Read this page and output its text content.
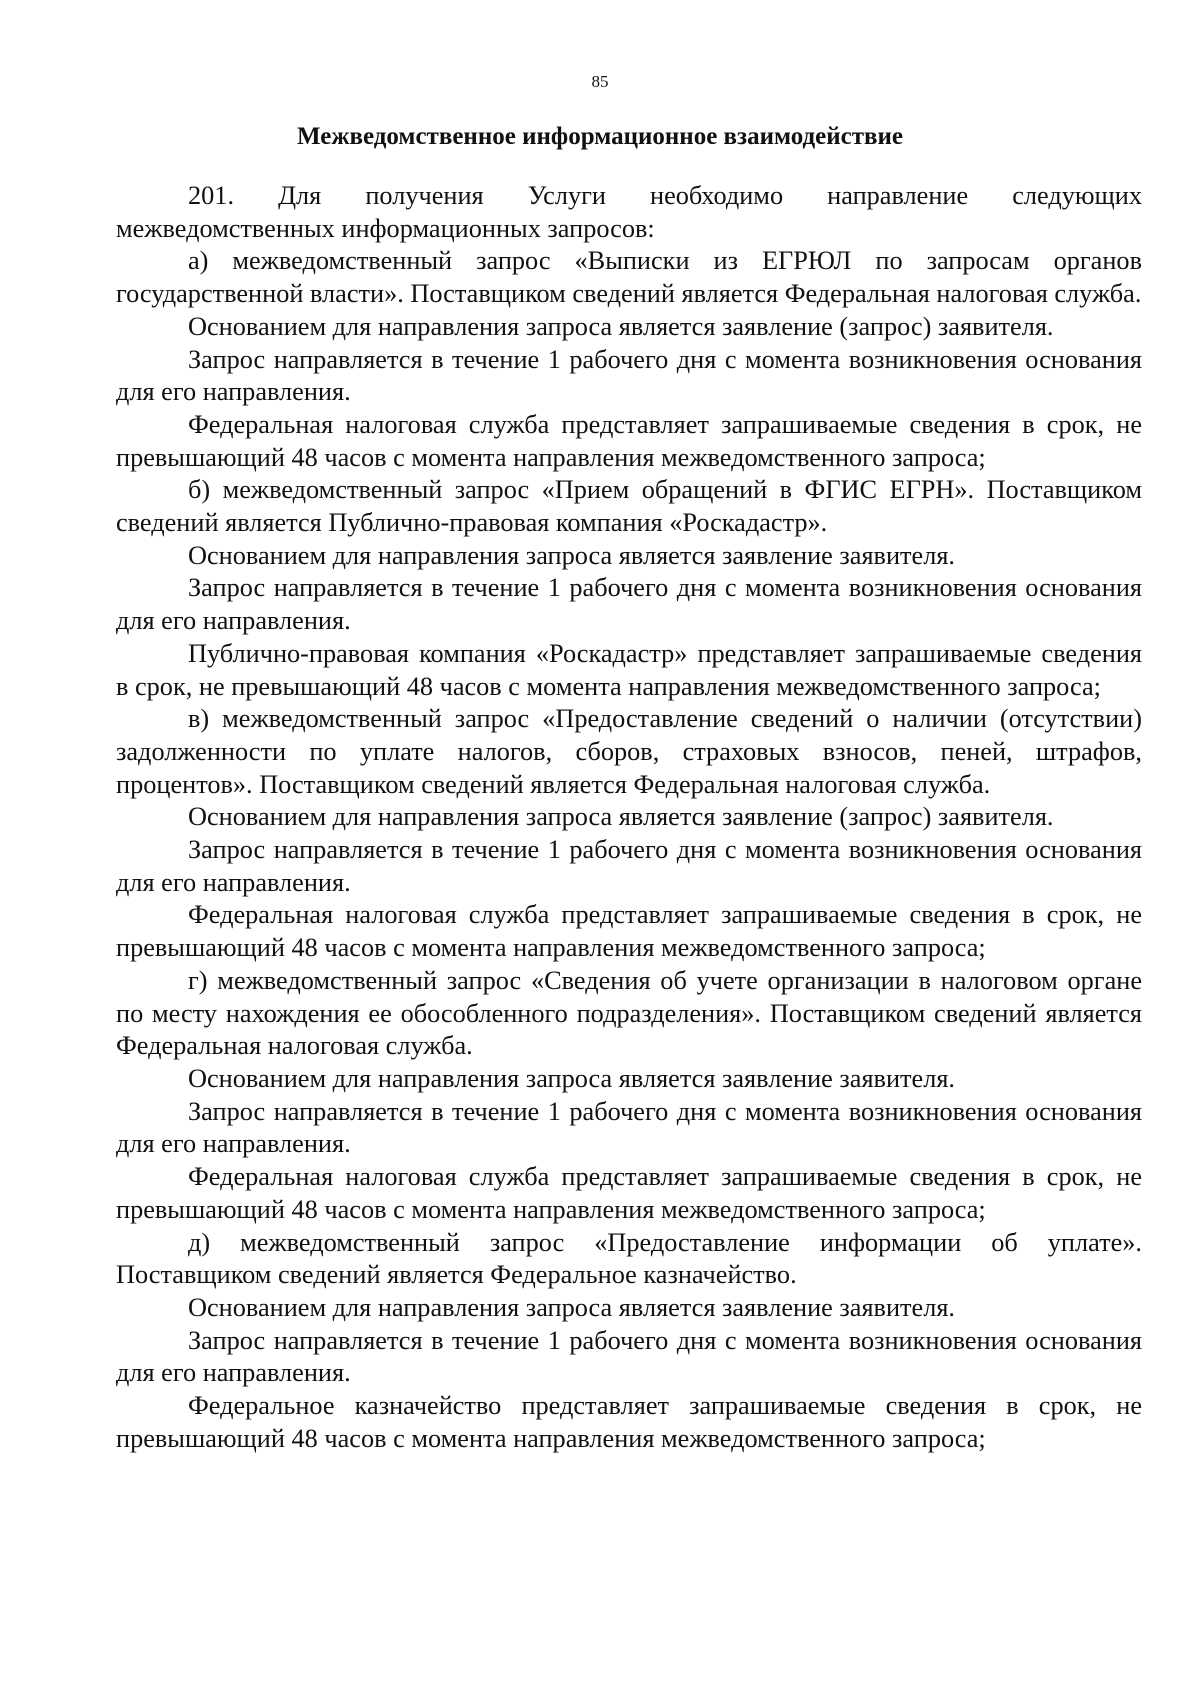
85
Межведомственное информационное взаимодействие

201. Для получения Услуги необходимо направление следующих межведомственных информационных запросов:

а) межведомственный запрос «Выписки из ЕГРЮЛ по запросам органов государственной власти». Поставщиком сведений является Федеральная налоговая служба.

Основанием для направления запроса является заявление (запрос) заявителя.

Запрос направляется в течение 1 рабочего дня с момента возникновения основания для его направления.

Федеральная налоговая служба представляет запрашиваемые сведения в срок, не превышающий 48 часов с момента направления межведомственного запроса;

б) межведомственный запрос «Прием обращений в ФГИС ЕГРН». Поставщиком сведений является Публично-правовая компания «Роскадастр».

Основанием для направления запроса является заявление заявителя.

Запрос направляется в течение 1 рабочего дня с момента возникновения основания для его направления.

Публично-правовая компания «Роскадастр» представляет запрашиваемые сведения в срок, не превышающий 48 часов с момента направления межведомственного запроса;

в) межведомственный запрос «Предоставление сведений о наличии (отсутствии) задолженности по уплате налогов, сборов, страховых взносов, пеней, штрафов, процентов». Поставщиком сведений является Федеральная налоговая служба.

Основанием для направления запроса является заявление (запрос) заявителя.

Запрос направляется в течение 1 рабочего дня с момента возникновения основания для его направления.

Федеральная налоговая служба представляет запрашиваемые сведения в срок, не превышающий 48 часов с момента направления межведомственного запроса;

г) межведомственный запрос «Сведения об учете организации в налоговом органе по месту нахождения ее обособленного подразделения». Поставщиком сведений является Федеральная налоговая служба.

Основанием для направления запроса является заявление заявителя.

Запрос направляется в течение 1 рабочего дня с момента возникновения основания для его направления.

Федеральная налоговая служба представляет запрашиваемые сведения в срок, не превышающий 48 часов с момента направления межведомственного запроса;

д) межведомственный запрос «Предоставление информации об уплате». Поставщиком сведений является Федеральное казначейство.

Основанием для направления запроса является заявление заявителя.

Запрос направляется в течение 1 рабочего дня с момента возникновения основания для его направления.

Федеральное казначейство представляет запрашиваемые сведения в срок, не превышающий 48 часов с момента направления межведомственного запроса;
